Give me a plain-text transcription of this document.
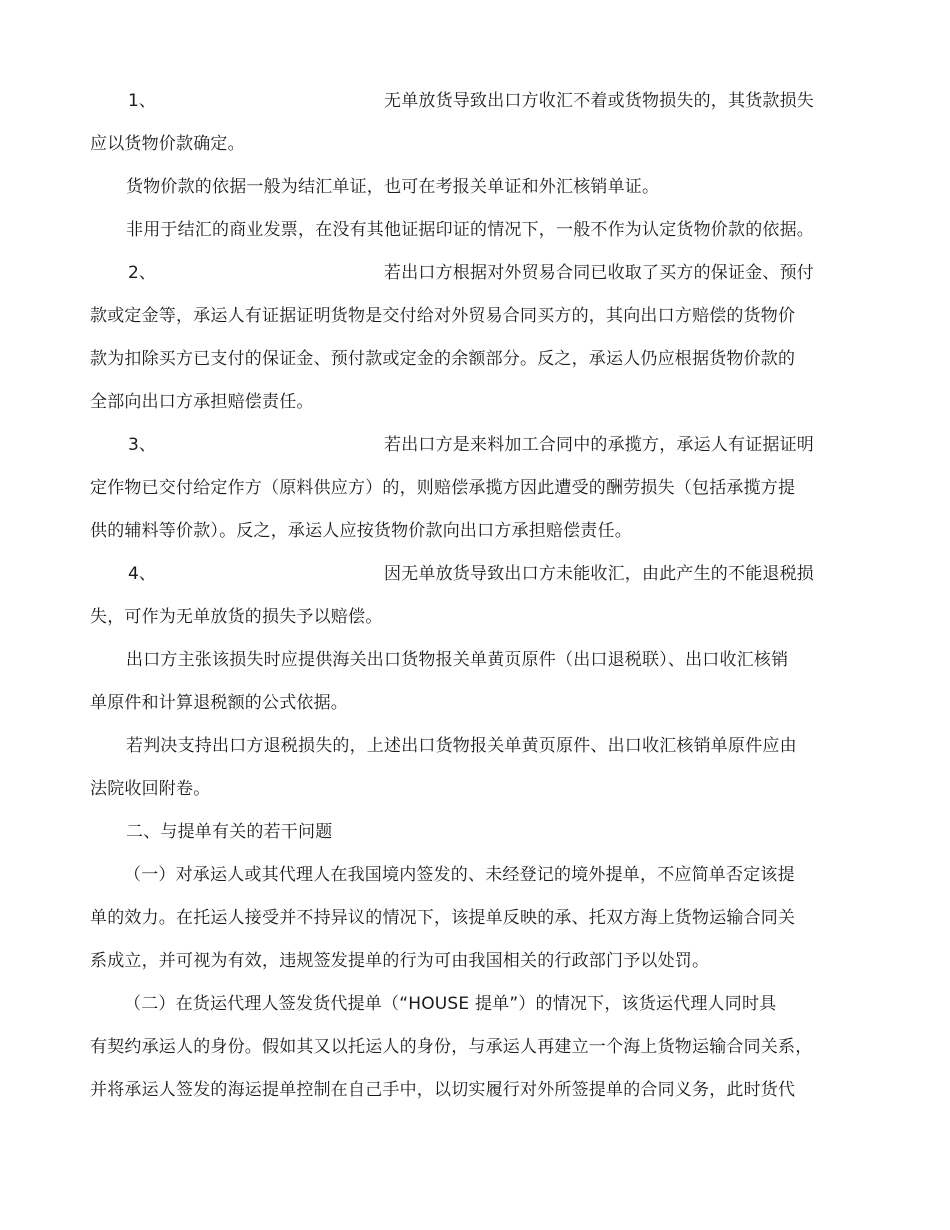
1、	无单放货导致出口方收汇不着或货物损失的，其货款损失
应以货物价款确定。
货物价款的依据一般为结汇单证，也可在考报关单证和外汇核销单证。
非用于结汇的商业发票，在没有其他证据印证的情况下，一般不作为认定货物价款的依据。
2、	若出口方根据对外贸易合同已收取了买方的保证金、预付
款或定金等，承运人有证据证明货物是交付给对外贸易合同买方的，其向出口方赔偿的货物价
款为扣除买方已支付的保证金、预付款或定金的余额部分。反之，承运人仍应根据货物价款的
全部向出口方承担赔偿责任。
3、	若出口方是来料加工合同中的承揽方，承运人有证据证明
定作物已交付给定作方（原料供应方）的，则赔偿承揽方因此遭受的酬劳损失（包括承揽方提
供的辅料等价款）。反之，承运人应按货物价款向出口方承担赔偿责任。
4、	因无单放货导致出口方未能收汇，由此产生的不能退税损
失，可作为无单放货的损失予以赔偿。
出口方主张该损失时应提供海关出口货物报关单黄页原件（出口退税联）、出口收汇核销
单原件和计算退税额的公式依据。
若判决支持出口方退税损失的，上述出口货物报关单黄页原件、出口收汇核销单原件应由
法院收回附卷。
二、与提单有关的若干问题
（一）对承运人或其代理人在我国境内签发的、未经登记的境外提单，不应简单否定该提
单的效力。在托运人接受并不持异议的情况下，该提单反映的承、托双方海上货物运输合同关
系成立，并可视为有效，违规签发提单的行为可由我国相关的行政部门予以处罚。
（二）在货运代理人签发货代提单（“HOUSE 提单”）的情况下，该货运代理人同时具
有契约承运人的身份。假如其又以托运人的身份，与承运人再建立一个海上货物运输合同关系，
并将承运人签发的海运提单控制在自己手中，以切实履行对外所签提单的合同义务，此时货代
